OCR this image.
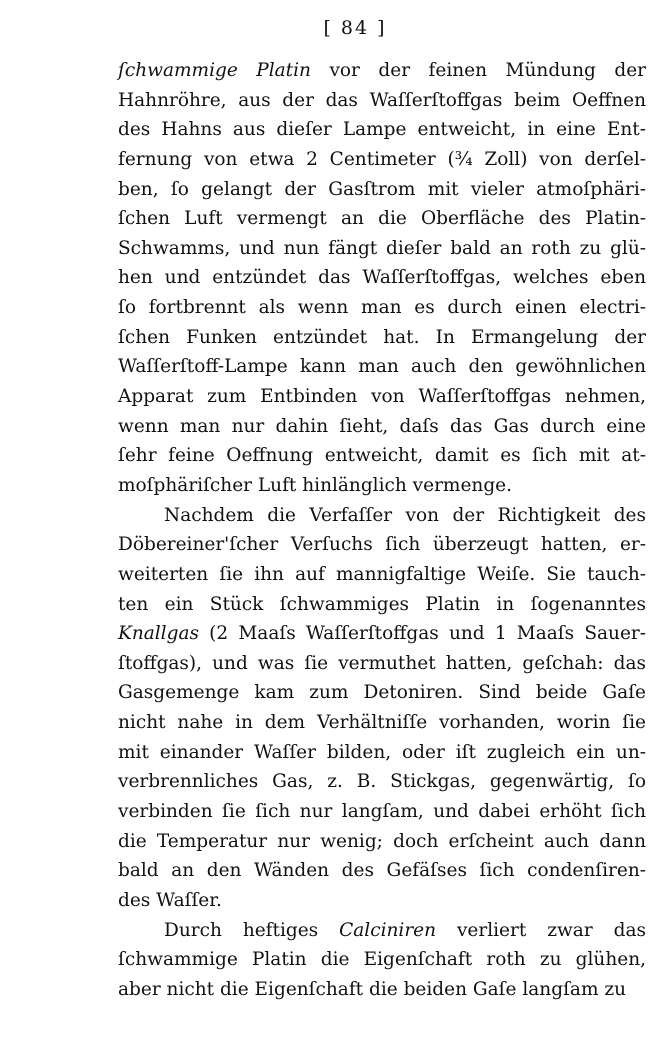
[ 84 ]
ſchwammige Platin vor der feinen Mündung der
Hahnröhre, aus der das Waſſerſtoffgas beim Oeffnen
des Hahns aus dieſer Lampe entweicht, in eine Ent-
fernung von etwa 2 Centimeter (¾ Zoll) von derſel-
ben, ſo gelangt der Gasſtrom mit vieler atmoſphäri-
ſchen Luft vermengt an die Oberfläche des Platin-
Schwamms, und nun fängt dieſer bald an roth zu glü-
hen und entzündet das Waſſerſtoffgas, welches eben
ſo fortbrennt als wenn man es durch einen electri-
ſchen Funken entzündet hat. In Ermangelung der
Waſſerſtoff-Lampe kann man auch den gewöhnlichen
Apparat zum Entbinden von Waſſerſtoffgas nehmen,
wenn man nur dahin ſieht, daſs das Gas durch eine
ſehr feine Oeffnung entweicht, damit es ſich mit at-
moſphäriſcher Luft hinlänglich vermenge.
Nachdem die Verfaſſer von der Richtigkeit des
Döbereiner'ſcher Verſuchs ſich überzeugt hatten, er-
weiterten ſie ihn auf mannigfaltige Weiſe. Sie tauch-
ten ein Stück ſchwammiges Platin in ſogenanntes
Knallgas (2 Maaſs Waſſerſtoffgas und 1 Maaſs Sauer-
ſtoffgas), und was ſie vermuthet hatten, geſchah: das
Gasgemenge kam zum Detoniren. Sind beide Gaſe
nicht nahe in dem Verhältniſſe vorhanden, worin ſie
mit einander Waſſer bilden, oder iſt zugleich ein un-
verbrennliches Gas, z. B. Stickgas, gegenwärtig, ſo
verbinden ſie ſich nur langſam, und dabei erhöht ſich
die Temperatur nur wenig; doch erſcheint auch dann
bald an den Wänden des Gefäſses ſich condenſiren-
des Waſſer.
Durch heftiges Calciniren verliert zwar das
ſchwammige Platin die Eigenſchaft roth zu glühen,
aber nicht die Eigenſchaft die beiden Gaſe langſam zu
